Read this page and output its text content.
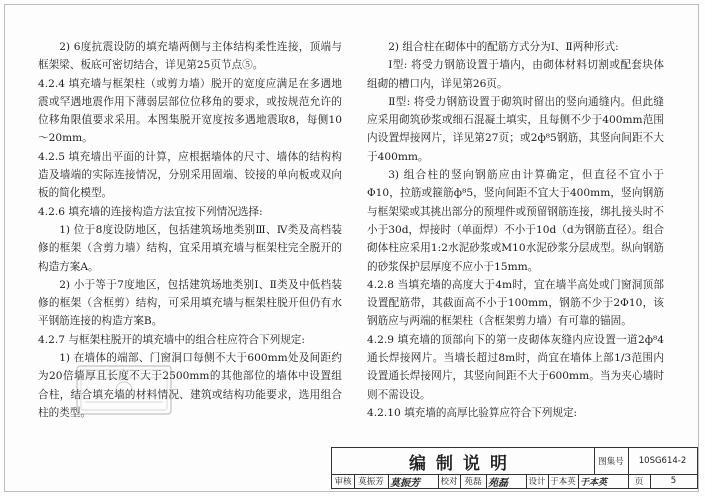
2) 6度抗震设防的填充墙两侧与主体结构柔性连接，顶端与框架梁、板底可密切结合，详见第25页节点⑤。

4.2.4 填充墙与框架柱（或剪力墙）脱开的宽度应满足在多遇地震或罕遇地震作用下薄弱层部位位移角的要求，或按规范允许的位移角限值要求采用。本图集脱开宽度按多遇地震取8，每侧10～20mm。

4.2.5 填充墙出平面的计算，应根据墙体的尺寸、墙体的结构构造及墙端的实际连接情况，分别采用固端、铰接的单向板或双向板的简化模型。

4.2.6 填充墙的连接构造方法宜按下列情况选择:

1) 位于8度设防地区，包括建筑场地类别Ⅲ、Ⅳ类及高档装修的框架（含剪力墙）结构，宜采用填充墙与框架柱完全脱开的构造方案A。

2) 小于等于7度地区，包括建筑场地类别Ⅰ、Ⅱ类及中低档装修的框架（含框剪）结构，可采用填充墙与框架柱脱开但仍有水平钢筋连接的构造方案B。

4.2.7 与框架柱脱开的填充墙中的组合柱应符合下列规定:

1) 在墙体的端部、门窗洞口每侧不大于600mm处及间距约为20倍墙厚且长度不大于2500mm的其他部位的墙体中设置组合柱，结合填充墙的材料情况、建筑或结构功能要求，选用组合柱的类型。

2) 组合柱在砌体中的配筋方式分为Ⅰ、Ⅱ两种形式:

Ⅰ型: 将受力钢筋设置于墙内，由砌体材料切割或配套块体组砌的槽口内，详见第26页。

Ⅱ型: 将受力钢筋设置于砌筑时留出的竖向通缝内。但此缝应采用砌筑砂浆或细石混凝土填实，且每侧不少于400mm范围内设置焊接网片，详见第27页；或2ф⁸5钢筋，其竖向间距不大于400mm。

3) 组合柱的竖向钢筋应由计算确定，但直径不宜小于Φ10，拉筋或箍筋ф⁸5，竖向间距不宜大于400mm，竖向钢筋与框架梁或其挑出部分的预埋件或预留钢筋连接，绑扎接头时不小于30d，焊接时（单面焊）不小于10d（d为钢筋直径）。组合砌体柱应采用1:2水泥砂浆或M10水泥砂浆分层成型。纵向钢筋的砂浆保护层厚度不应小于15mm。

4.2.8 当填充墙的高度大于4m时，宜在墙半高处或门窗洞顶部设置配筋带，其截面高不小于100mm，钢筋不少于2Φ10，该钢筋应与两端的框架柱（含框架剪力墙）有可靠的锚固。

4.2.9 填充墙的顶部向下的第一皮砌体灰缝内应设置一道2ф⁸4通长焊接网片。当墙长超过8m时，尚宜在墙体上部1/3范围内设置通长焊接网片，其竖向间距不大于600mm。当为夹心墙时则不需设设。

4.2.10 填充墙的高厚比验算应符合下列规定:

编制说明	图集号	10SG614-2
审核 莫振芳 莫振芳	校对 苑磊 苑磊	设计 于本英 于本英	页	5
